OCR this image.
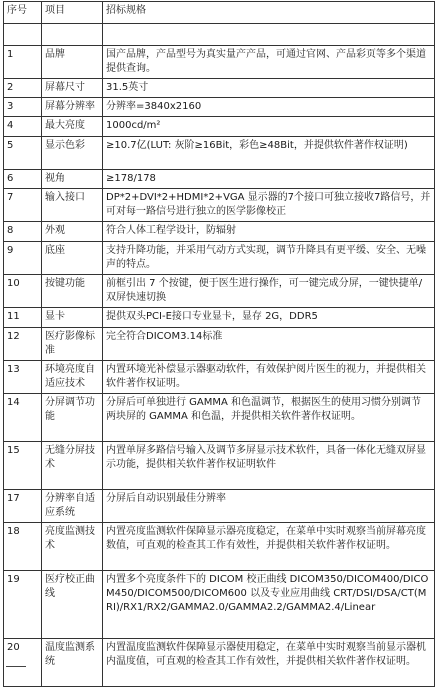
序号	项目	招标规格

1	品牌	国产品牌，产品型号为真实量产产品，可通过官网、产品彩页等多个渠道提供查询。
2	屏幕尺寸	31.5英寸
3	屏幕分辨率	分辨率=3840x2160
4	最大亮度	1000cd/m²
5	显示色彩	≥10.7亿(LUT: 灰阶≥16Bit，彩色≥48Bit，并提供软件著作权证明)
6	视角	≥178/178
7	输入接口	DP*2+DVI*2+HDMI*2+VGA 显示器的7个接口可独立接收7路信号，并可对每一路信号进行独立的医学影像校正
8	外观	符合人体工程学设计，防辐射
9	底座	支持升降功能，并采用气动方式实现，调节升降具有更平缓、安全、无噪声的特点。
10	按键功能	前框引出 7 个按键，便于医生进行操作，可一键完成分屏，一键快捷单/双屏快速切换
11	显卡	提供双头PCI-E接口专业显卡，显存 2G，DDR5
12	医疗影像标准	完全符合DICOM3.14标准
13	环境亮度自适应技术	内置环境光补偿显示器驱动软件，有效保护阅片医生的视力，并提供相关软件著作权证明。
14	分屏调节功能	分屏后可单独进行 GAMMA 和色温调节，根据医生的使用习惯分别调节两块屏的 GAMMA 和色温，并提供相关软件著作权证明。
15	无缝分屏技术	内置单屏多路信号输入及调节多屏显示技术软件，具备一体化无缝双屏显示功能，提供相关软件著作权证明软件
17	分辨率自适应系统	分屏后自动识别最佳分辨率
18	亮度监测技术	内置亮度监测软件保障显示器亮度稳定，在菜单中实时观察当前屏幕亮度数值，可直观的检查其工作有效性，并提供相关软件著作权证明。
19	医疗校正曲线	内置多个亮度条件下的 DICOM 校正曲线 DICOM350/DICOM400/DICOM450/DICOM500/DICOM600 以及专业应用曲线 CRT/DSI/DSA/CT(MRI)/RX1/RX2/GAMMA2.0/GAMMA2.2/GAMMA2.4/Linear
20	温度监测系统	内置温度监测软件保障显示器使用稳定，在菜单中实时观察当前显示器机内温度值，可直观的检查其工作有效性，并提供相关软件著作权证明。
